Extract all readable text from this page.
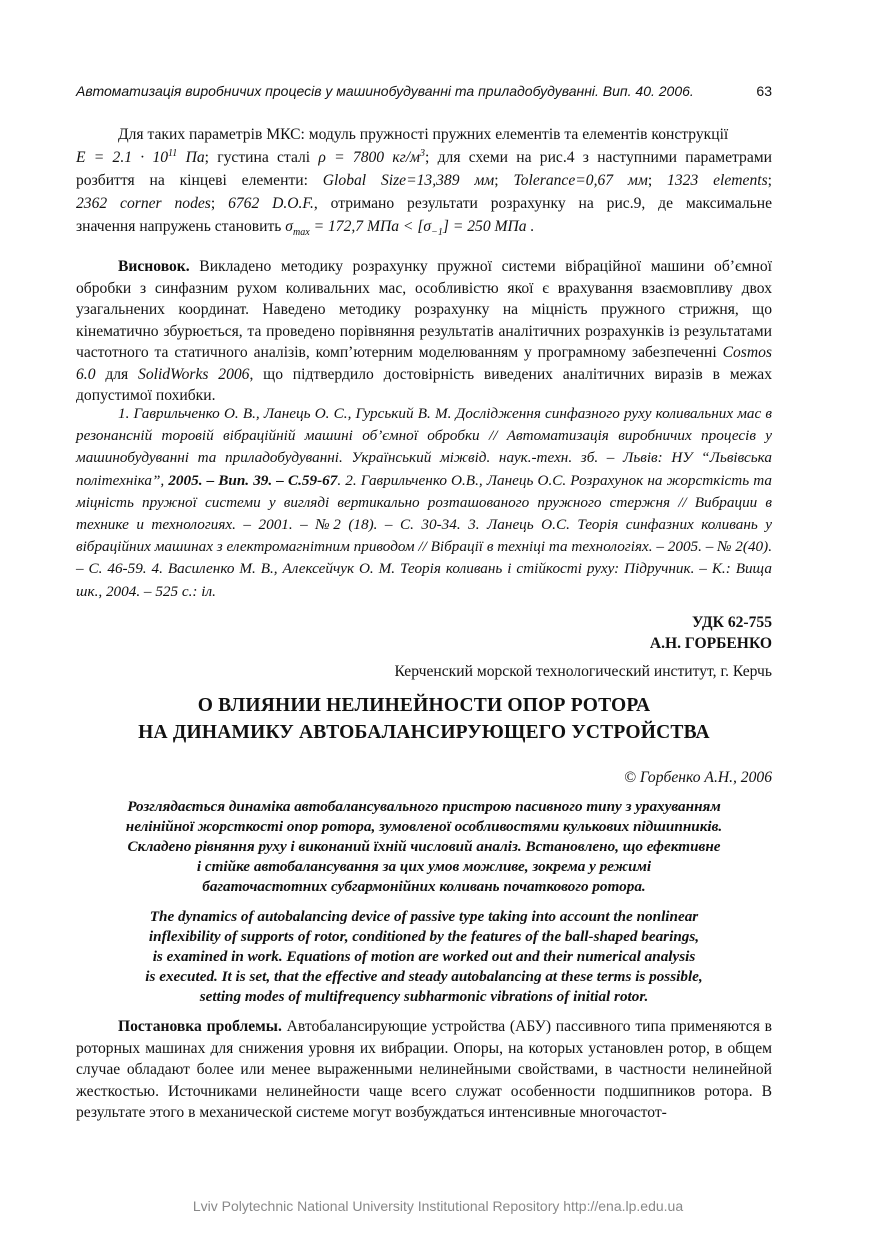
Автоматизація виробничих процесів у машинобудуванні та приладобудуванні. Вип. 40. 2006.	63
Для таких параметрів МКС: модуль пружності пружних елементів та елементів конструкції
$E = 2.1 \cdot 10^{11}$ Па; густина сталі ρ = 7800 $кг/м^3$; для схеми на рис.4 з наступними параметрами
розбиття на кінцеві елементи: Global Size=13,389 мм; Tolerance=0,67 мм; 1323 elements;
2362 corner nodes; 6762 D.O.F., отримано результати розрахунку на рис.9, де максимальне
значення напружень становить $\sigma_{max} = 172,7$ МПа < $[\sigma_{-1}] = 250$ МПа .
Висновок. Викладено методику розрахунку пружної системи вібраційної машини об’ємної обробки з синфазним рухом коливальних мас, особливістю якої є врахування взаємовпливу двох узагальнених координат. Наведено методику розрахунку на міцність пружного стрижня, що кінематично збурюється, та проведено порівняння результатів аналітичних розрахунків із результатами частотного та статичного аналізів, комп’ютерним моделюванням у програмному забезпеченні Cosmos 6.0 для SolidWorks 2006, що підтвердило достовірність виведених аналітичних виразів в межах допустимої похибки.
1. Гаврильченко О. В., Ланець О. С., Гурський В. М. Дослідження синфазного руху коливальних мас в резонансній торовій вібраційній машині об’ємної обробки // Автоматизація виробничих процесів у машинобудуванні та приладобудуванні. Український міжвід. наук.-техн. зб. – Львів: НУ “Львівська політехніка”, 2005. – Вип. 39. – С.59-67. 2. Гаврильченко О.В., Ланець О.С. Розрахунок на жорсткість та міцність пружної системи у вигляді вертикально розташованого пружного стержня // Вибрации в технике и технологиях. – 2001. – №2 (18). – С. 30-34. 3. Ланець О.С. Теорія синфазних коливань у вібраційних машинах з електромагнітним приводом // Вібрації в техніці та технологіях. – 2005. – № 2(40). – С. 46-59. 4. Василенко М. В., Алексейчук О. М. Теорія коливань і стійкості руху: Підручник. – К.: Вища шк., 2004. – 525 с.: іл.
УДК 62-755
А.Н. ГОРБЕНКО
Керченский морской технологический институт, г. Керчь
О ВЛИЯНИИ НЕЛИНЕЙНОСТИ ОПОР РОТОРА
НА ДИНАМИКУ АВТОБАЛАНСИРУЮЩЕГО УСТРОЙСТВА
© Горбенко А.Н., 2006
Розглядається динаміка автобалансувального пристрою пасивного типу з урахуванням
нелінійної жорсткості опор ротора, зумовленої особливостями кулькових підшипників.
Складено рівняння руху і виконаний їхній числовий аналіз. Встановлено, що ефективне
і стійке автобалансування за цих умов можливе, зокрема у режимі
багаточастотних субгармонійних коливань початкового ротора.
The dynamics of autobalancing device of passive type taking into account the nonlinear
inflexibility of supports of rotor, conditioned by the features of the ball-shaped bearings,
is examined in work. Equations of motion are worked out and their numerical analysis
is executed. It is set, that the effective and steady autobalancing at these terms is possible,
setting modes of multifrequency subharmonic vibrations of initial rotor.
Постановка проблемы. Автобалансирующие устройства (АБУ) пассивного типа применяются в роторных машинах для снижения уровня их вибрации. Опоры, на которых установлен ротор, в общем случае обладают более или менее выраженными нелинейными свойствами, в частности нелинейной жесткостью. Источниками нелинейности чаще всего служат особенности подшипников ротора. В результате этого в механической системе могут возбуждаться интенсивные многочастот-
Lviv Polytechnic National University Institutional Repository http://ena.lp.edu.ua
